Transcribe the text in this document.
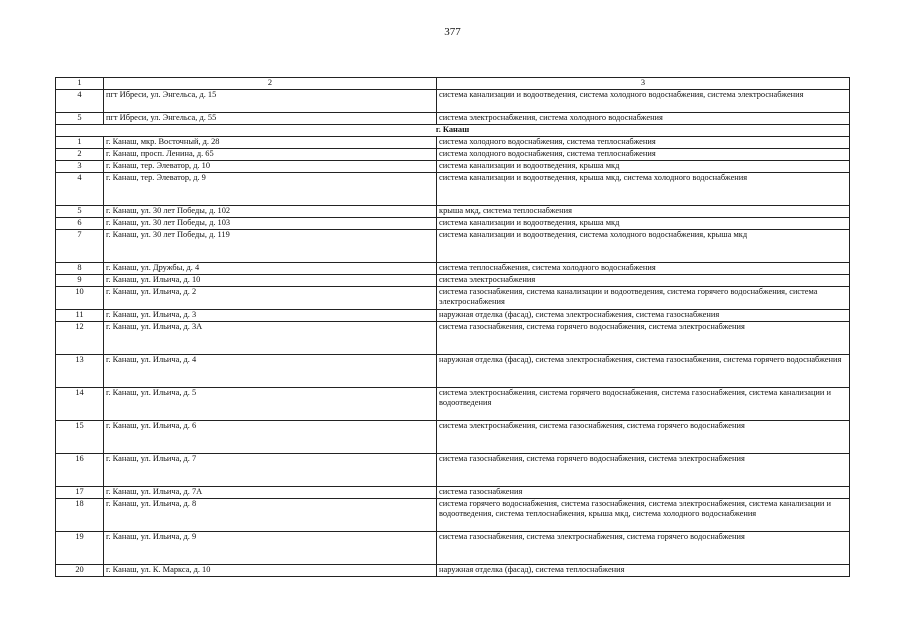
377
1	2	3
4	пгт Ибреси, ул. Энгельса, д. 15	система канализации и водоотведения, система холодного водоснабжения, система электроснабжения
5	пгт Ибреси, ул. Энгельса, д. 55	система электроснабжения, система холодного водоснабжения
г. Канаш		
1	г. Канаш, мкр. Восточный, д. 28	система холодного водоснабжения, система теплоснабжения
2	г. Канаш, просп. Ленина, д. 65	система холодного водоснабжения, система теплоснабжения
3	г. Канаш, тер. Элеватор, д. 10	система канализации и водоотведения, крыша мкд
4	г. Канаш, тер. Элеватор, д. 9	система канализации и водоотведения, крыша мкд, система холодного водоснабжения
5	г. Канаш, ул. 30 лет Победы, д. 102	крыша мкд, система теплоснабжения
6	г. Канаш, ул. 30 лет Победы, д. 103	система канализации и водоотведения, крыша мкд
7	г. Канаш, ул. 30 лет Победы, д. 119	система канализации и водоотведения, система холодного водоснабжения, крыша мкд
8	г. Канаш, ул. Дружбы, д. 4	система теплоснабжения, система холодного водоснабжения
9	г. Канаш, ул. Ильича, д. 10	система электроснабжения
10	г. Канаш, ул. Ильича, д. 2	система газоснабжения, система канализации и водоотведения, система горячего водоснабжения, система электроснабжения
11	г. Канаш, ул. Ильича, д. 3	наружная отделка (фасад), система электроснабжения, система газоснабжения
12	г. Канаш, ул. Ильича, д. 3А	система газоснабжения, система горячего водоснабжения, система электроснабжения
13	г. Канаш, ул. Ильича, д. 4	наружная отделка (фасад), система электроснабжения, система газоснабжения, система горячего водоснабжения
14	г. Канаш, ул. Ильича, д. 5	система электроснабжения, система горячего водоснабжения, система газоснабжения, система канализации и водоотведения
15	г. Канаш, ул. Ильича, д. 6	система электроснабжения, система газоснабжения, система горячего водоснабжения
16	г. Канаш, ул. Ильича, д. 7	система газоснабжения, система горячего водоснабжения, система электроснабжения
17	г. Канаш, ул. Ильича, д. 7А	система газоснабжения
18	г. Канаш, ул. Ильича, д. 8	система горячего водоснабжения, система газоснабжения, система электроснабжения, система канализации и водоотведения, система теплоснабжения, крыша мкд, система холодного водоснабжения
19	г. Канаш, ул. Ильича, д. 9	система газоснабжения, система электроснабжения, система горячего водоснабжения
20	г. Канаш, ул. К. Маркса, д. 10	наружная отделка (фасад), система теплоснабжения
